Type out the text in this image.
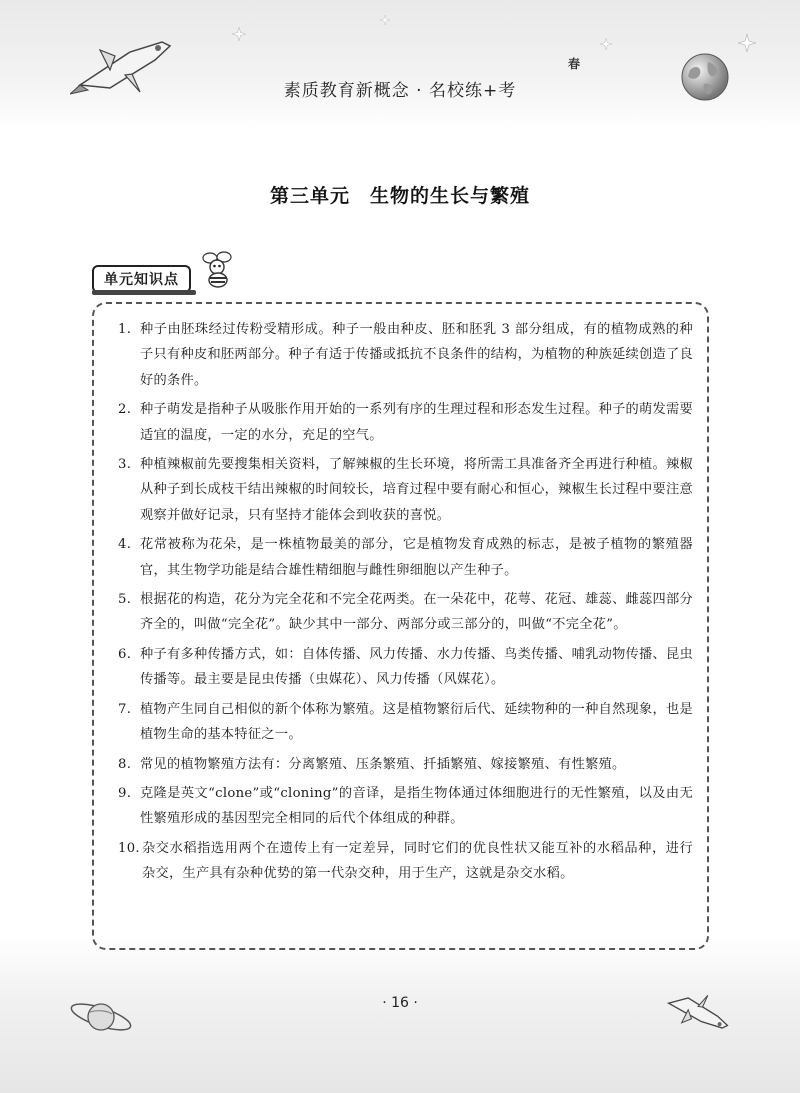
素质教育新概念 · 名校练+考
春
第三单元　生物的生长与繁殖
单元知识点
1. 种子由胚珠经过传粉受精形成。种子一般由种皮、胚和胚乳 3 部分组成，有的植物成熟的种子只有种皮和胚两部分。种子有适于传播或抵抗不良条件的结构，为植物的种族延续创造了良好的条件。
2. 种子萌发是指种子从吸胀作用开始的一系列有序的生理过程和形态发生过程。种子的萌发需要适宜的温度，一定的水分，充足的空气。
3. 种植辣椒前先要搜集相关资料，了解辣椒的生长环境，将所需工具准备齐全再进行种植。辣椒从种子到长成枝干结出辣椒的时间较长，培育过程中要有耐心和恒心，辣椒生长过程中要注意观察并做好记录，只有坚持才能体会到收获的喜悦。
4. 花常被称为花朵，是一株植物最美的部分，它是植物发育成熟的标志，是被子植物的繁殖器官，其生物学功能是结合雄性精细胞与雌性卵细胞以产生种子。
5. 根据花的构造，花分为完全花和不完全花两类。在一朵花中，花萼、花冠、雄蕊、雌蕊四部分齐全的，叫做“完全花”。缺少其中一部分、两部分或三部分的，叫做“不完全花”。
6. 种子有多种传播方式，如：自体传播、风力传播、水力传播、鸟类传播、哺乳动物传播、昆虫传播等。最主要是昆虫传播（虫媒花）、风力传播（风媒花）。
7. 植物产生同自己相似的新个体称为繁殖。这是植物繁衍后代、延续物种的一种自然现象，也是植物生命的基本特征之一。
8. 常见的植物繁殖方法有：分离繁殖、压条繁殖、扦插繁殖、嫁接繁殖、有性繁殖。
9. 克隆是英文“clone”或“cloning”的音译，是指生物体通过体细胞进行的无性繁殖，以及由无性繁殖形成的基因型完全相同的后代个体组成的种群。
10. 杂交水稻指选用两个在遗传上有一定差异，同时它们的优良性状又能互补的水稻品种，进行杂交，生产具有杂种优势的第一代杂交种，用于生产，这就是杂交水稻。
· 16 ·
